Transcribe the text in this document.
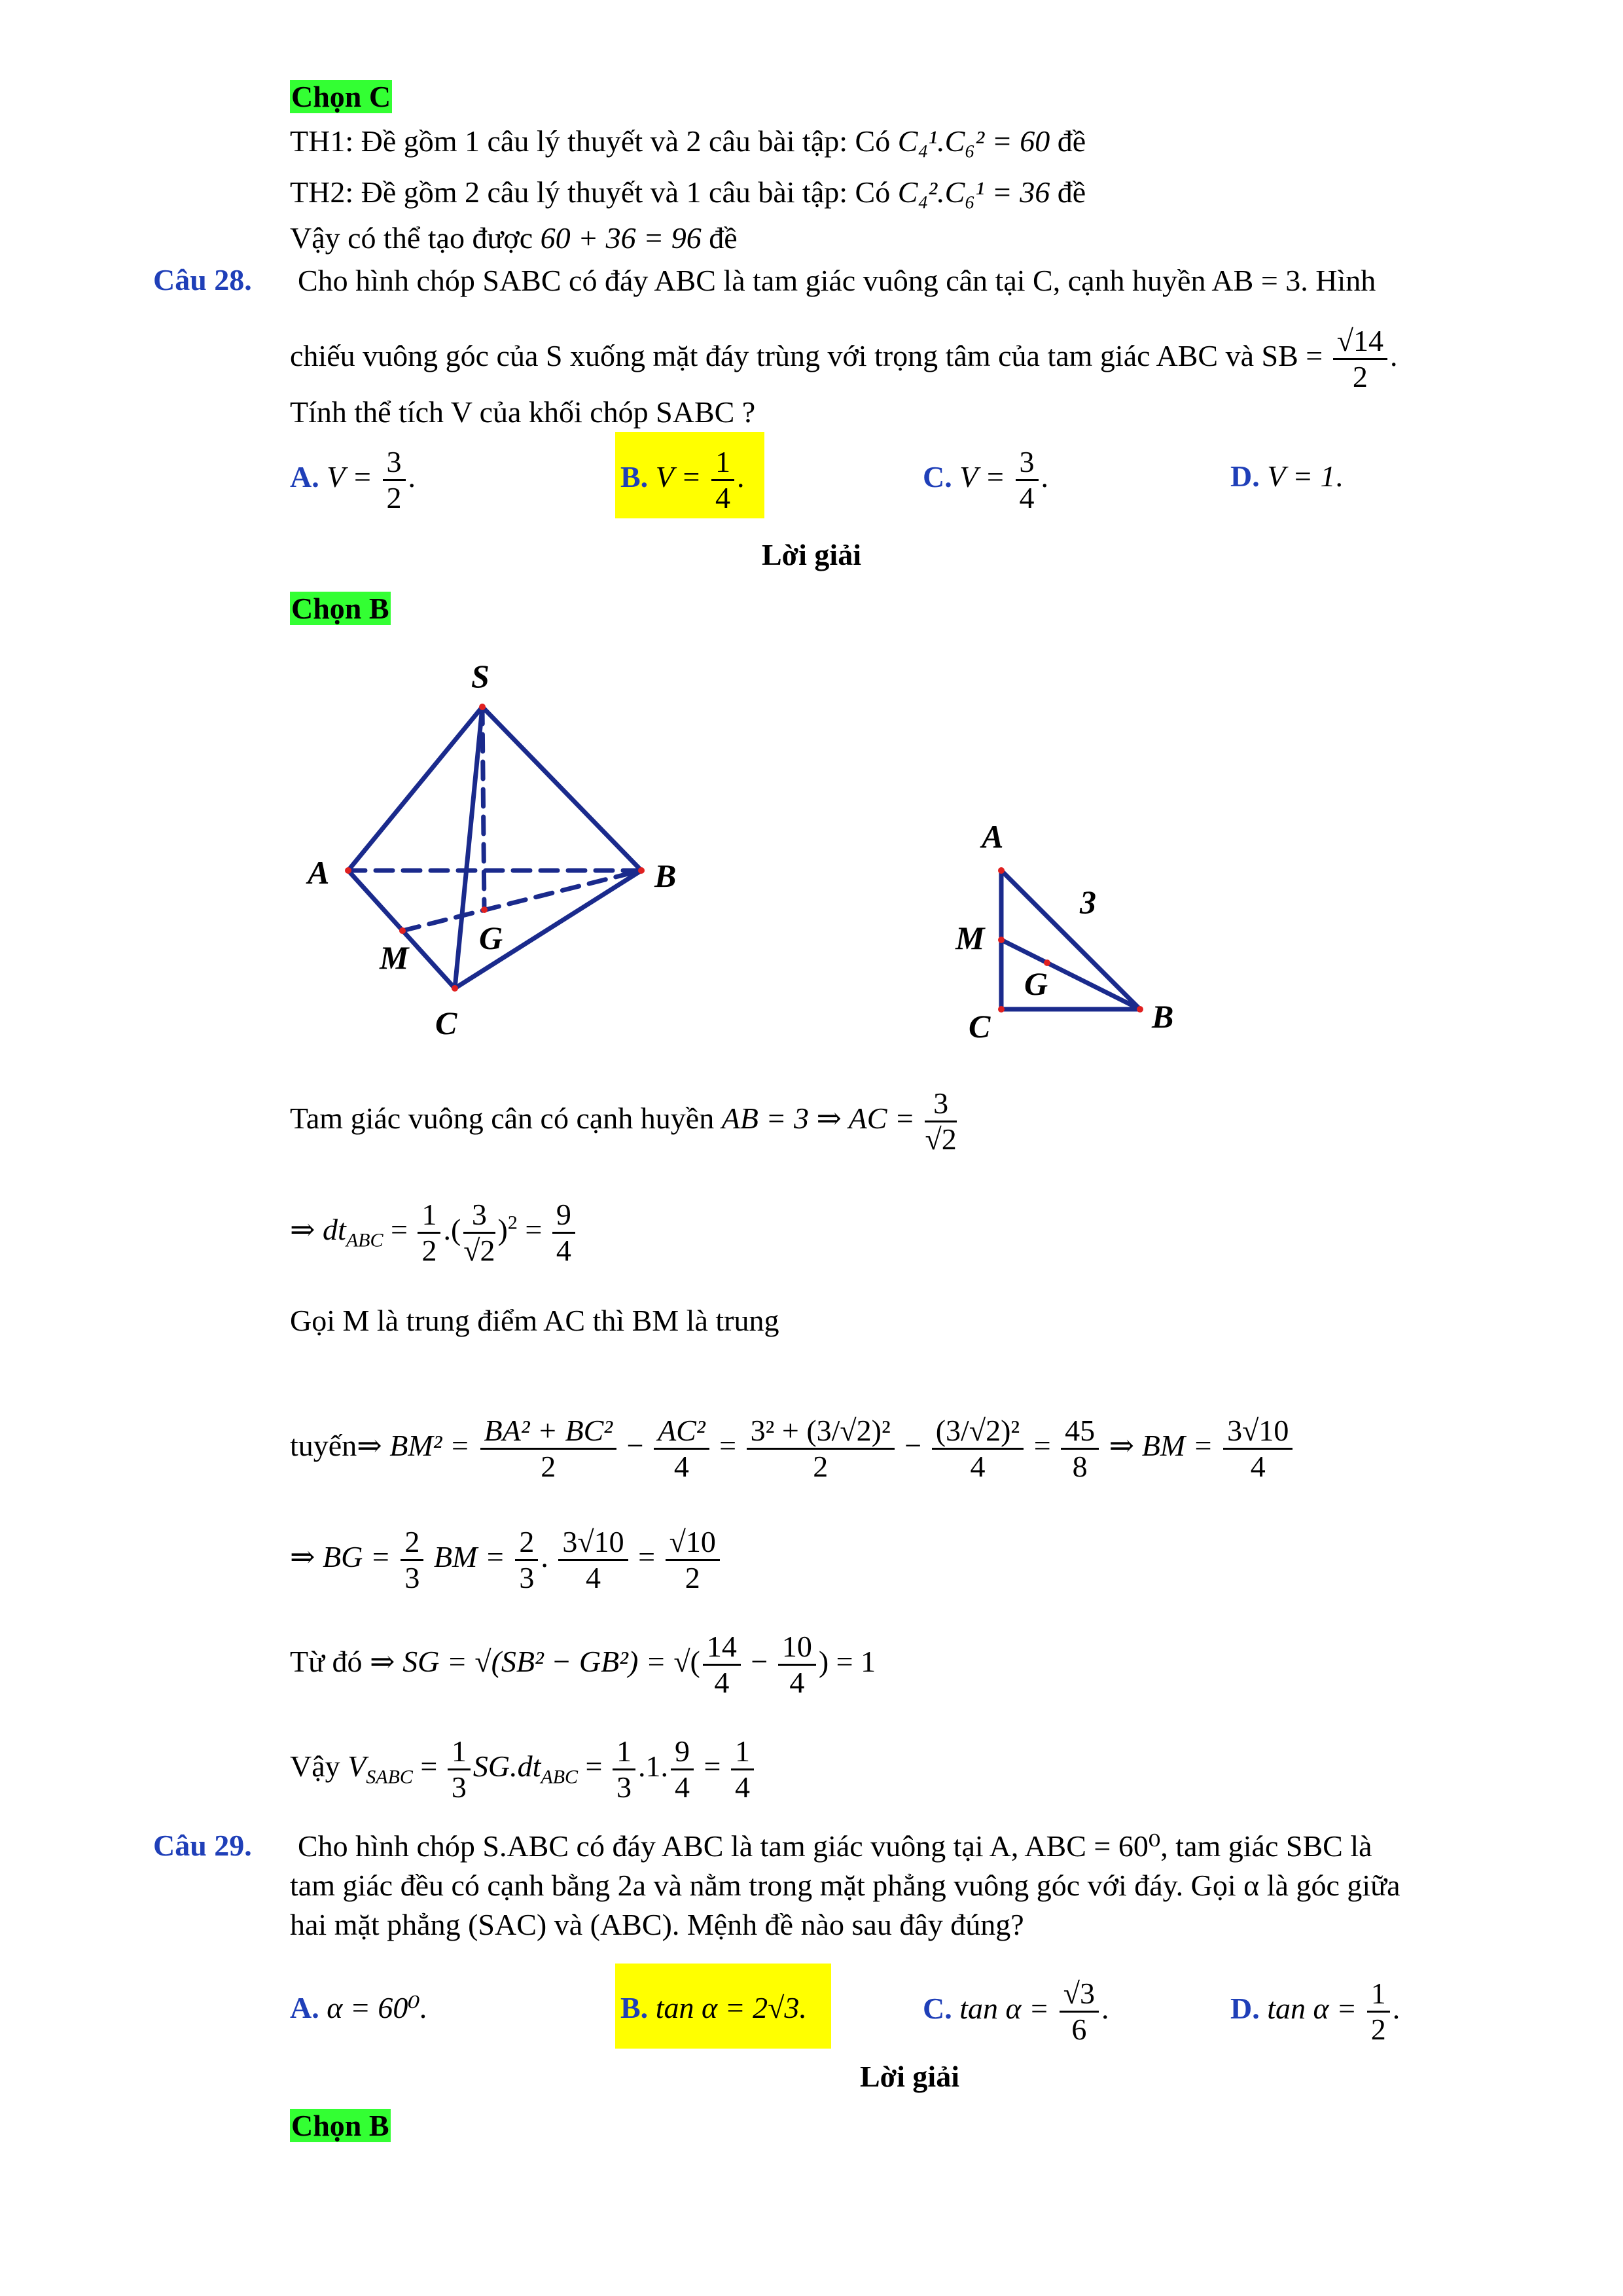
Chọn C
TH1: Đề gồm 1 câu lý thuyết và 2 câu bài tập: Có C₄¹.C₆² = 60 đề
TH2: Đề gồm 2 câu lý thuyết và 1 câu bài tập: Có C₄².C₆¹ = 36 đề
Vậy có thể tạo được 60 + 36 = 96 đề
Câu 28. Cho hình chóp SABC có đáy ABC là tam giác vuông cân tại C, cạnh huyền AB = 3. Hình
chiếu vuông góc của S xuống mặt đáy trùng với trọng tâm của tam giác ABC và SB = $\frac{√14}{2}$ .
Tính thể tích V của khối chóp SABC ?
A. $V = \frac{3}{2}$ .	B. $V = \frac{1}{4}$ .	C. $V = \frac{3}{4}$ .	D. V = 1.
Lời giải
Chọn B
S
A	B
M
G
C
A
M
G
C	B
3
Tam giác vuông cân có cạnh huyền AB = 3 ⇒ AC = $\frac{3}{√2}$
⇒ $dt_{ABC} = \frac{1}{2}$ .( $\frac{3}{√2} )^2 = \frac{9}{4}$
Gọi M là trung điểm AC thì BM là trung
tuyến⇒ $BM^2 = \frac{\text{BA² + BC²}}{2} - \frac{\text{AC²}}{4} = \frac{\text{3² + (3/√2)²}}{2} - \frac{\text{(3/√2)²}}{4} = \frac{45}{8}$ ⇒ BM = $\frac{3√10}{4}$
⇒ BG = $\frac{2}{3}$ BM = $\frac{2}{3}$ . $\frac{3√10}{4} = \frac{√10}{2}$
Từ đó ⇒ SG = √(SB² − GB²) = √( $\frac{14}{4} - \frac{10}{4}$ ) = 1
Vậy $V_{SABC} = \frac{1}{3} SG.dt_{ABC} = \frac{1}{3} .1$. $\frac{9}{4} = \frac{1}{4}$
Câu 29. Cho hình chóp S.ABC có đáy ABC là tam giác vuông tại A, ABC = 60⁰, tam giác SBC là
tam giác đều có cạnh bằng 2a và nằm trong mặt phẳng vuông góc với đáy. Gọi α là góc giữa
hai mặt phẳng (SAC) và (ABC). Mệnh đề nào sau đây đúng?
A. α = 60⁰.	B. tan α = 2√3.	C. $\tan \alpha = \frac{√3}{6}$ .	D. $\tan \alpha = \frac{1}{2}$ .
Lời giải
Chọn B
